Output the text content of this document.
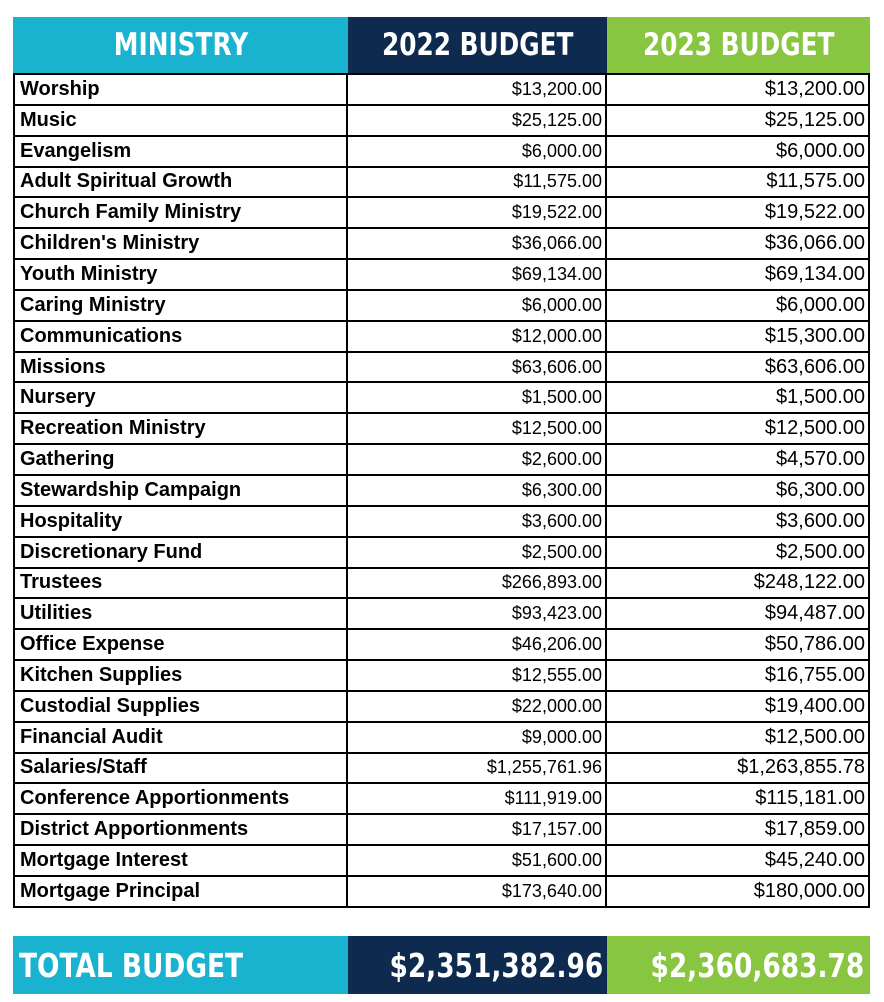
MINISTRY	2022 BUDGET 2023 BUDGET
Worship	$13,200.00	$13,200.00
Music	$25,125.00	$25,125.00
Evangelism	$6,000.00	$6,000.00
Adult Spiritual Growth	$11,575.00	$11,575.00
Church Family Ministry	$19,522.00	$19,522.00
Children's Ministry	$36,066.00	$36,066.00
Youth Ministry	$69,134.00	$69,134.00
Caring Ministry	$6,000.00	$6,000.00
Communications	$12,000.00	$15,300.00
Missions	$63,606.00	$63,606.00
Nursery	$1,500.00	$1,500.00
Recreation Ministry	$12,500.00	$12,500.00
Gathering	$2,600.00	$4,570.00
Stewardship Campaign	$6,300.00	$6,300.00
Hospitality	$3,600.00	$3,600.00
Discretionary Fund	$2,500.00	$2,500.00
Trustees	$266,893.00	$248,122.00
Utilities	$93,423.00	$94,487.00
Office Expense	$46,206.00	$50,786.00
Kitchen Supplies	$12,555.00	$16,755.00
Custodial Supplies	$22,000.00	$19,400.00
Financial Audit	$9,000.00	$12,500.00
Salaries/Staff	$1,255,761.96	$1,263,855.78
Conference Apportionments	$111,919.00	$115,181.00
District Apportionments	$17,157.00	$17,859.00
Mortgage Interest	$51,600.00	$45,240.00
Mortgage Principal	$173,640.00	$180,000.00
TOTAL BUDGET	$2,351,382.96 $2,360,683.78
